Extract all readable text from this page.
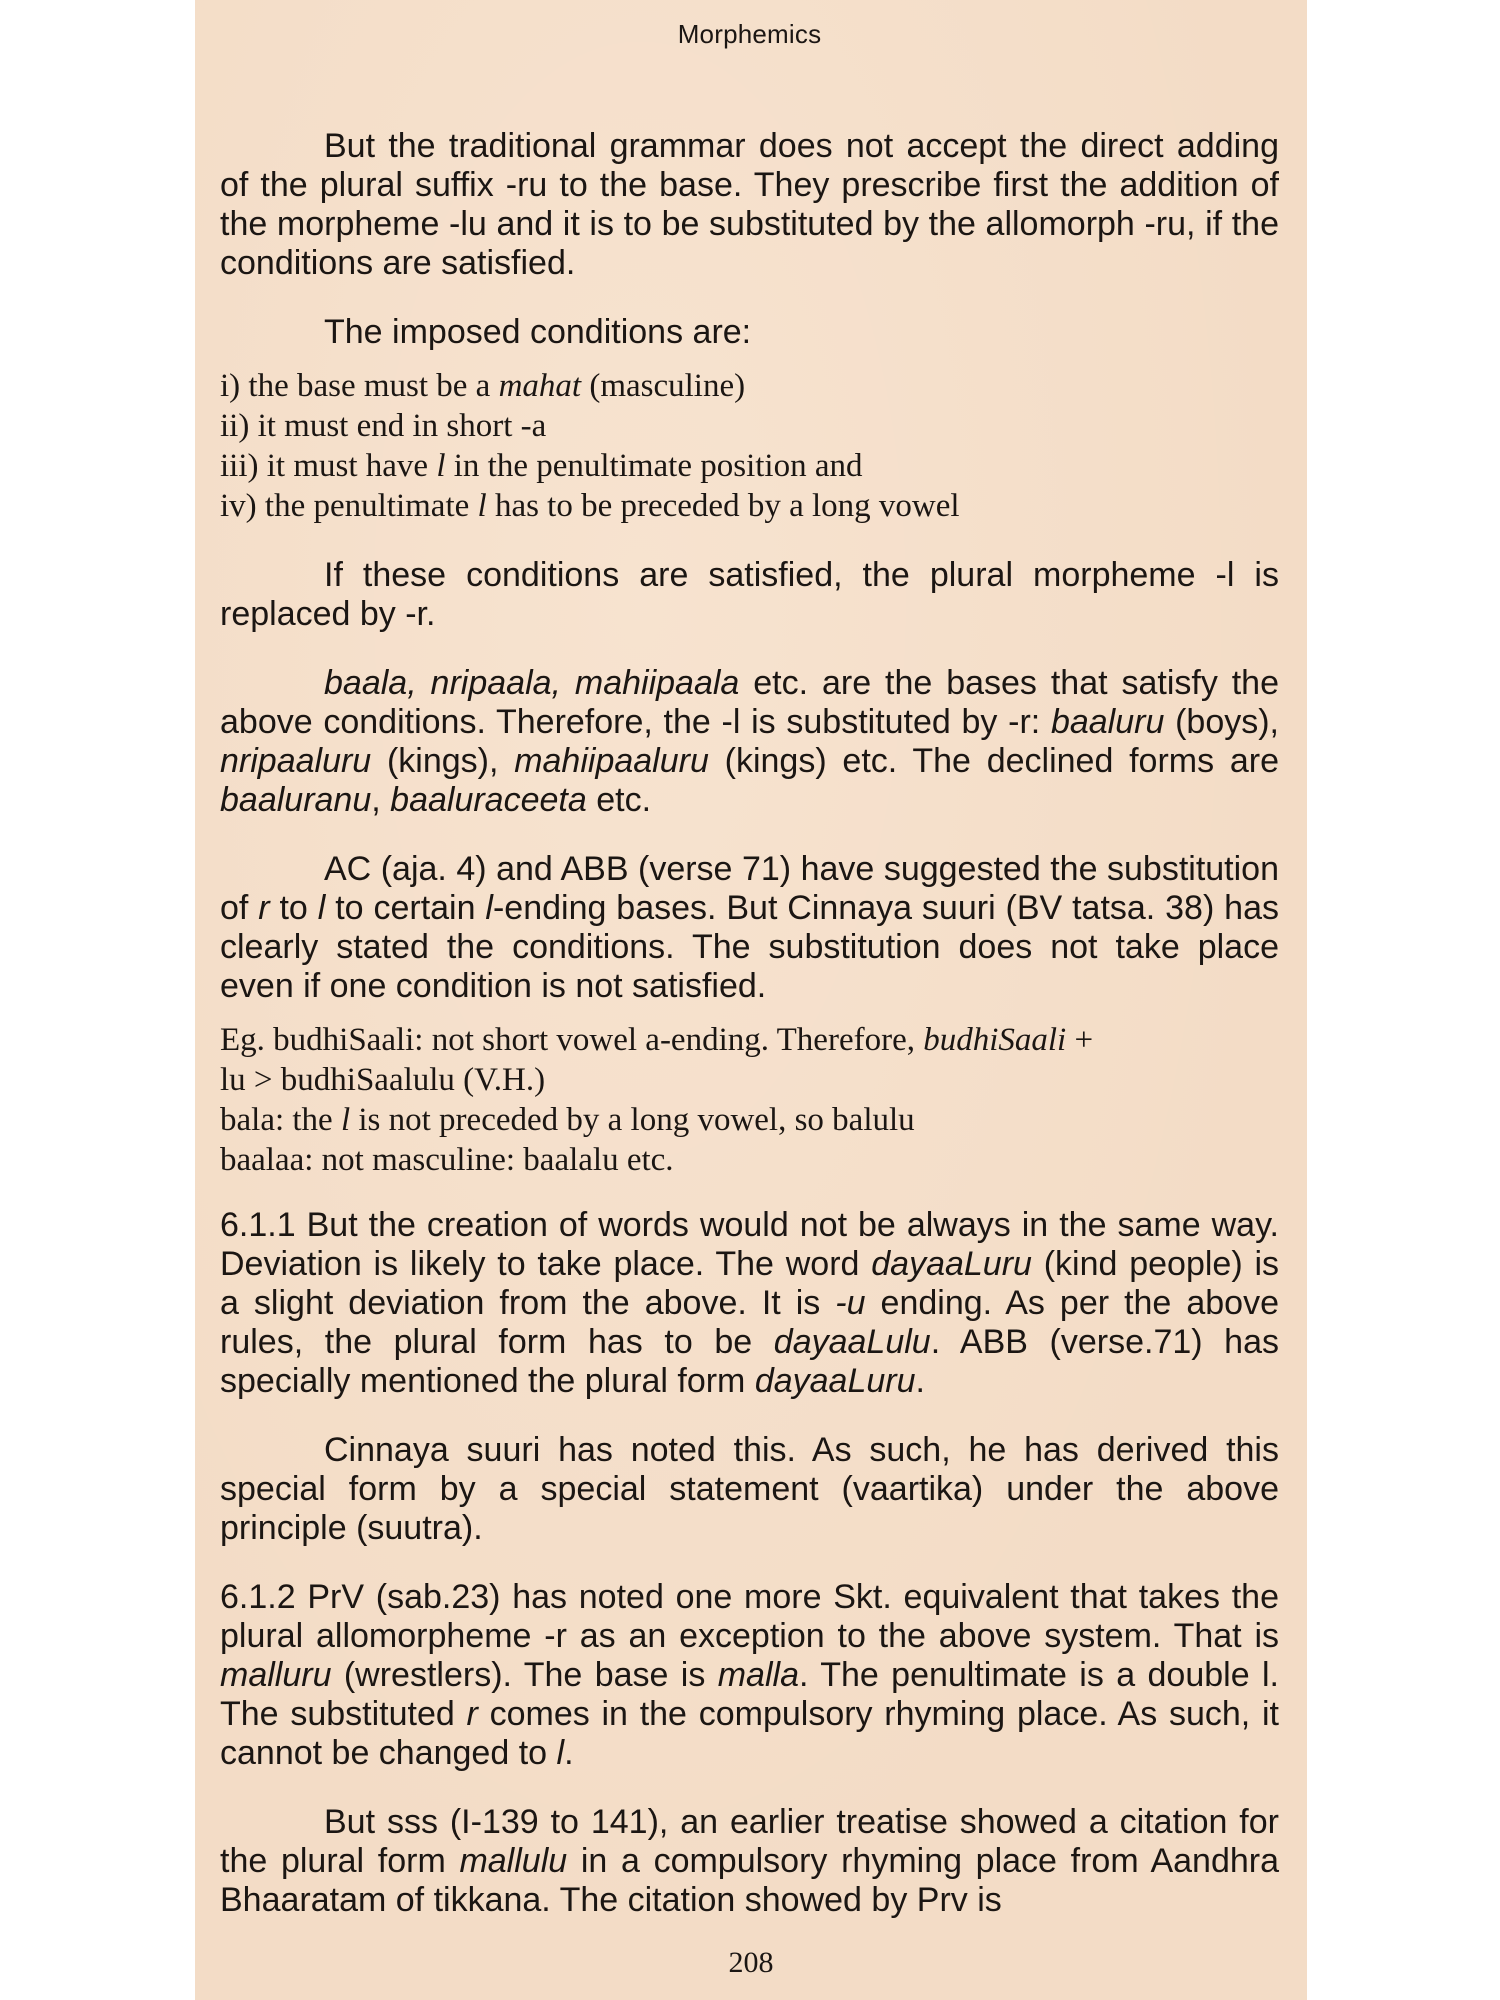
Morphemics

But the traditional grammar does not accept the direct adding of the plural suffix -ru to the base. They prescribe first the addition of the morpheme -lu and it is to be substituted by the allomorph -ru, if the conditions are satisfied.

The imposed conditions are:

i) the base must be a mahat (masculine)
ii) it must end in short -a
iii) it must have l in the penultimate position and
iv) the penultimate l has to be preceded by a long vowel

If these conditions are satisfied, the plural morpheme -l is replaced by -r.

baala, nripaala, mahiipaala etc. are the bases that satisfy the above conditions. Therefore, the -l is substituted by -r: baaluru (boys), nripaaluru (kings), mahiipaaluru (kings) etc. The declined forms are baaluranu, baaluraceeta etc.

AC (aja. 4) and ABB (verse 71) have suggested the substitution of r to l to certain l-ending bases. But Cinnaya suuri (BV tatsa. 38) has clearly stated the conditions. The substitution does not take place even if one condition is not satisfied.

Eg. budhiSaali: not short vowel a-ending. Therefore, budhiSaali +
lu > budhiSaalulu (V.H.)
bala: the l is not preceded by a long vowel, so balulu
baalaa: not masculine: baalalu etc.

6.1.1 But the creation of words would not be always in the same way. Deviation is likely to take place. The word dayaaLuru (kind people) is a slight deviation from the above. It is -u ending. As per the above rules, the plural form has to be dayaaLulu. ABB (verse.71) has specially mentioned the plural form dayaaLuru.

Cinnaya suuri has noted this. As such, he has derived this special form by a special statement (vaartika) under the above principle (suutra).

6.1.2 PrV (sab.23) has noted one more Skt. equivalent that takes the plural allomorpheme -r as an exception to the above system. That is malluru (wrestlers). The base is malla. The penultimate is a double l. The substituted r comes in the compulsory rhyming place. As such, it cannot be changed to l.

But sss (I-139 to 141), an earlier treatise showed a citation for the plural form mallulu in a compulsory rhyming place from Aandhra Bhaaratam of tikkana. The citation showed by Prv is

208
